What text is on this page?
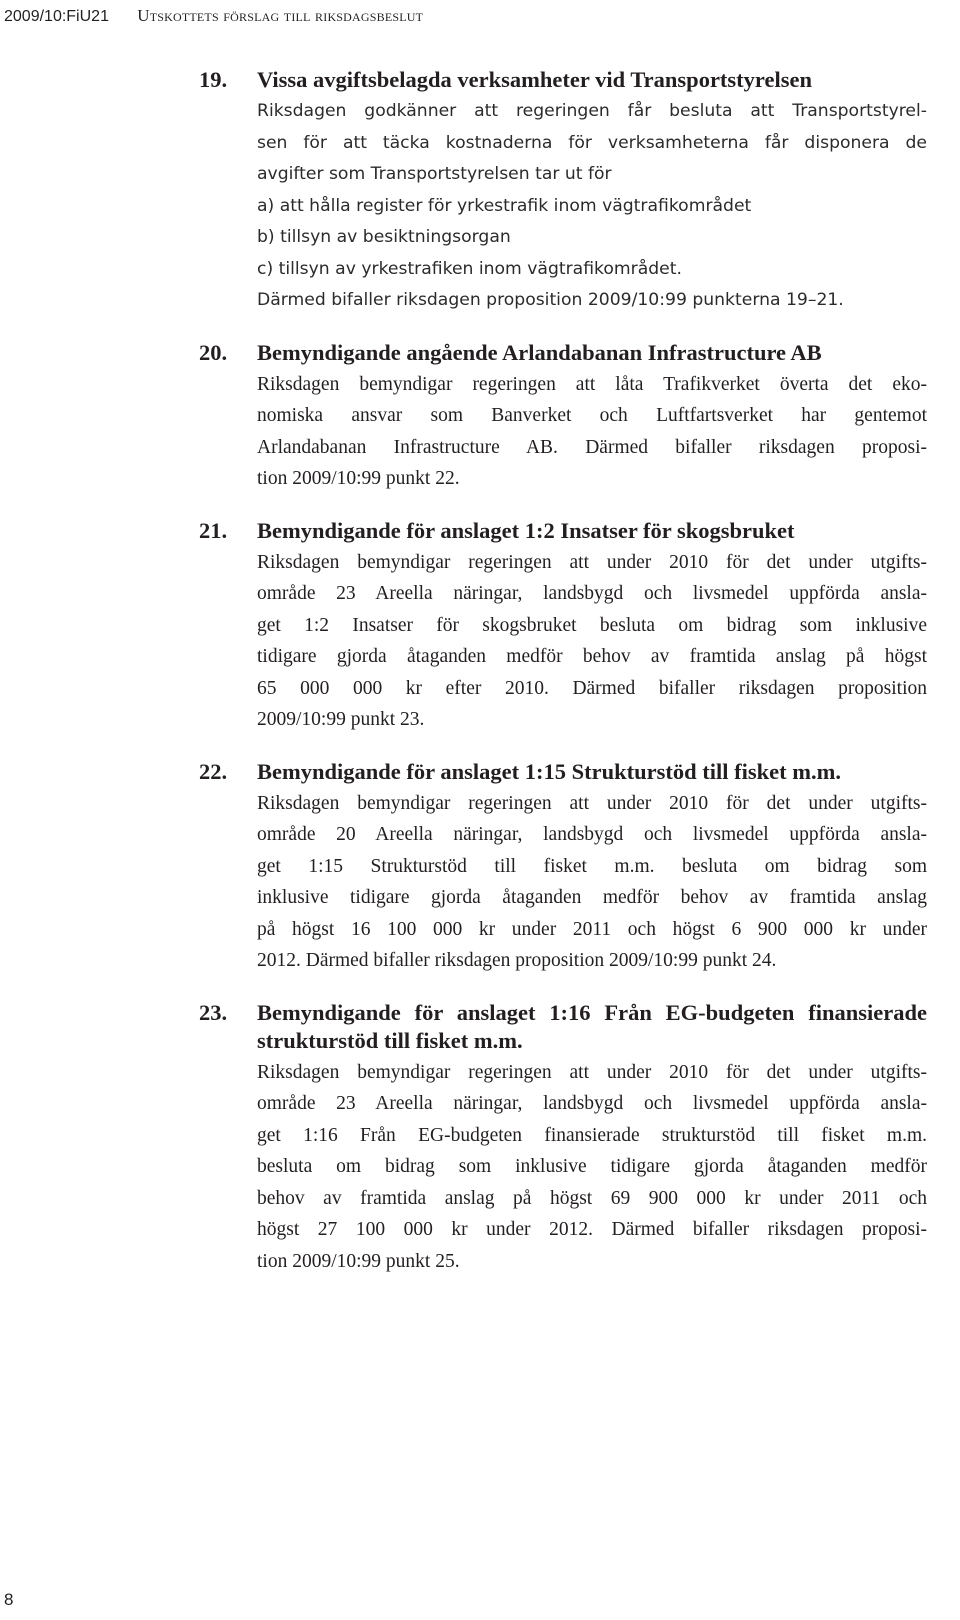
2009/10:FiU21 Utskottets förslag till riksdagsbeslut
19. Vissa avgiftsbelagda verksamheter vid Transportstyrelsen
Riksdagen godkänner att regeringen får besluta att Transportstyrel-
sen för att täcka kostnaderna för verksamheterna får disponera de
avgifter som Transportstyrelsen tar ut för
a) att hålla register för yrkestrafik inom vägtrafikområdet
b) tillsyn av besiktningsorgan
c) tillsyn av yrkestrafiken inom vägtrafikområdet.
Därmed bifaller riksdagen proposition 2009/10:99 punkterna 19–21.
20. Bemyndigande angående Arlandabanan Infrastructure AB
Riksdagen bemyndigar regeringen att låta Trafikverket överta det eko-
nomiska ansvar som Banverket och Luftfartsverket har gentemot
Arlandabanan Infrastructure AB. Därmed bifaller riksdagen proposi-
tion 2009/10:99 punkt 22.
21. Bemyndigande för anslaget 1:2 Insatser för skogsbruket
Riksdagen bemyndigar regeringen att under 2010 för det under utgifts-
område 23 Areella näringar, landsbygd och livsmedel uppförda ansla-
get 1:2 Insatser för skogsbruket besluta om bidrag som inklusive
tidigare gjorda åtaganden medför behov av framtida anslag på högst
65 000 000 kr efter 2010. Därmed bifaller riksdagen proposition
2009/10:99 punkt 23.
22. Bemyndigande för anslaget 1:15 Strukturstöd till fisket m.m.
Riksdagen bemyndigar regeringen att under 2010 för det under utgifts-
område 20 Areella näringar, landsbygd och livsmedel uppförda ansla-
get 1:15 Strukturstöd till fisket m.m. besluta om bidrag som
inklusive tidigare gjorda åtaganden medför behov av framtida anslag
på högst 16 100 000 kr under 2011 och högst 6 900 000 kr under
2012. Därmed bifaller riksdagen proposition 2009/10:99 punkt 24.
23. Bemyndigande för anslaget 1:16 Från EG-budgeten finansierade strukturstöd till fisket m.m.
Riksdagen bemyndigar regeringen att under 2010 för det under utgifts-
område 23 Areella näringar, landsbygd och livsmedel uppförda ansla-
get 1:16 Från EG-budgeten finansierade strukturstöd till fisket m.m.
besluta om bidrag som inklusive tidigare gjorda åtaganden medför
behov av framtida anslag på högst 69 900 000 kr under 2011 och
högst 27 100 000 kr under 2012. Därmed bifaller riksdagen proposi-
tion 2009/10:99 punkt 25.
8
